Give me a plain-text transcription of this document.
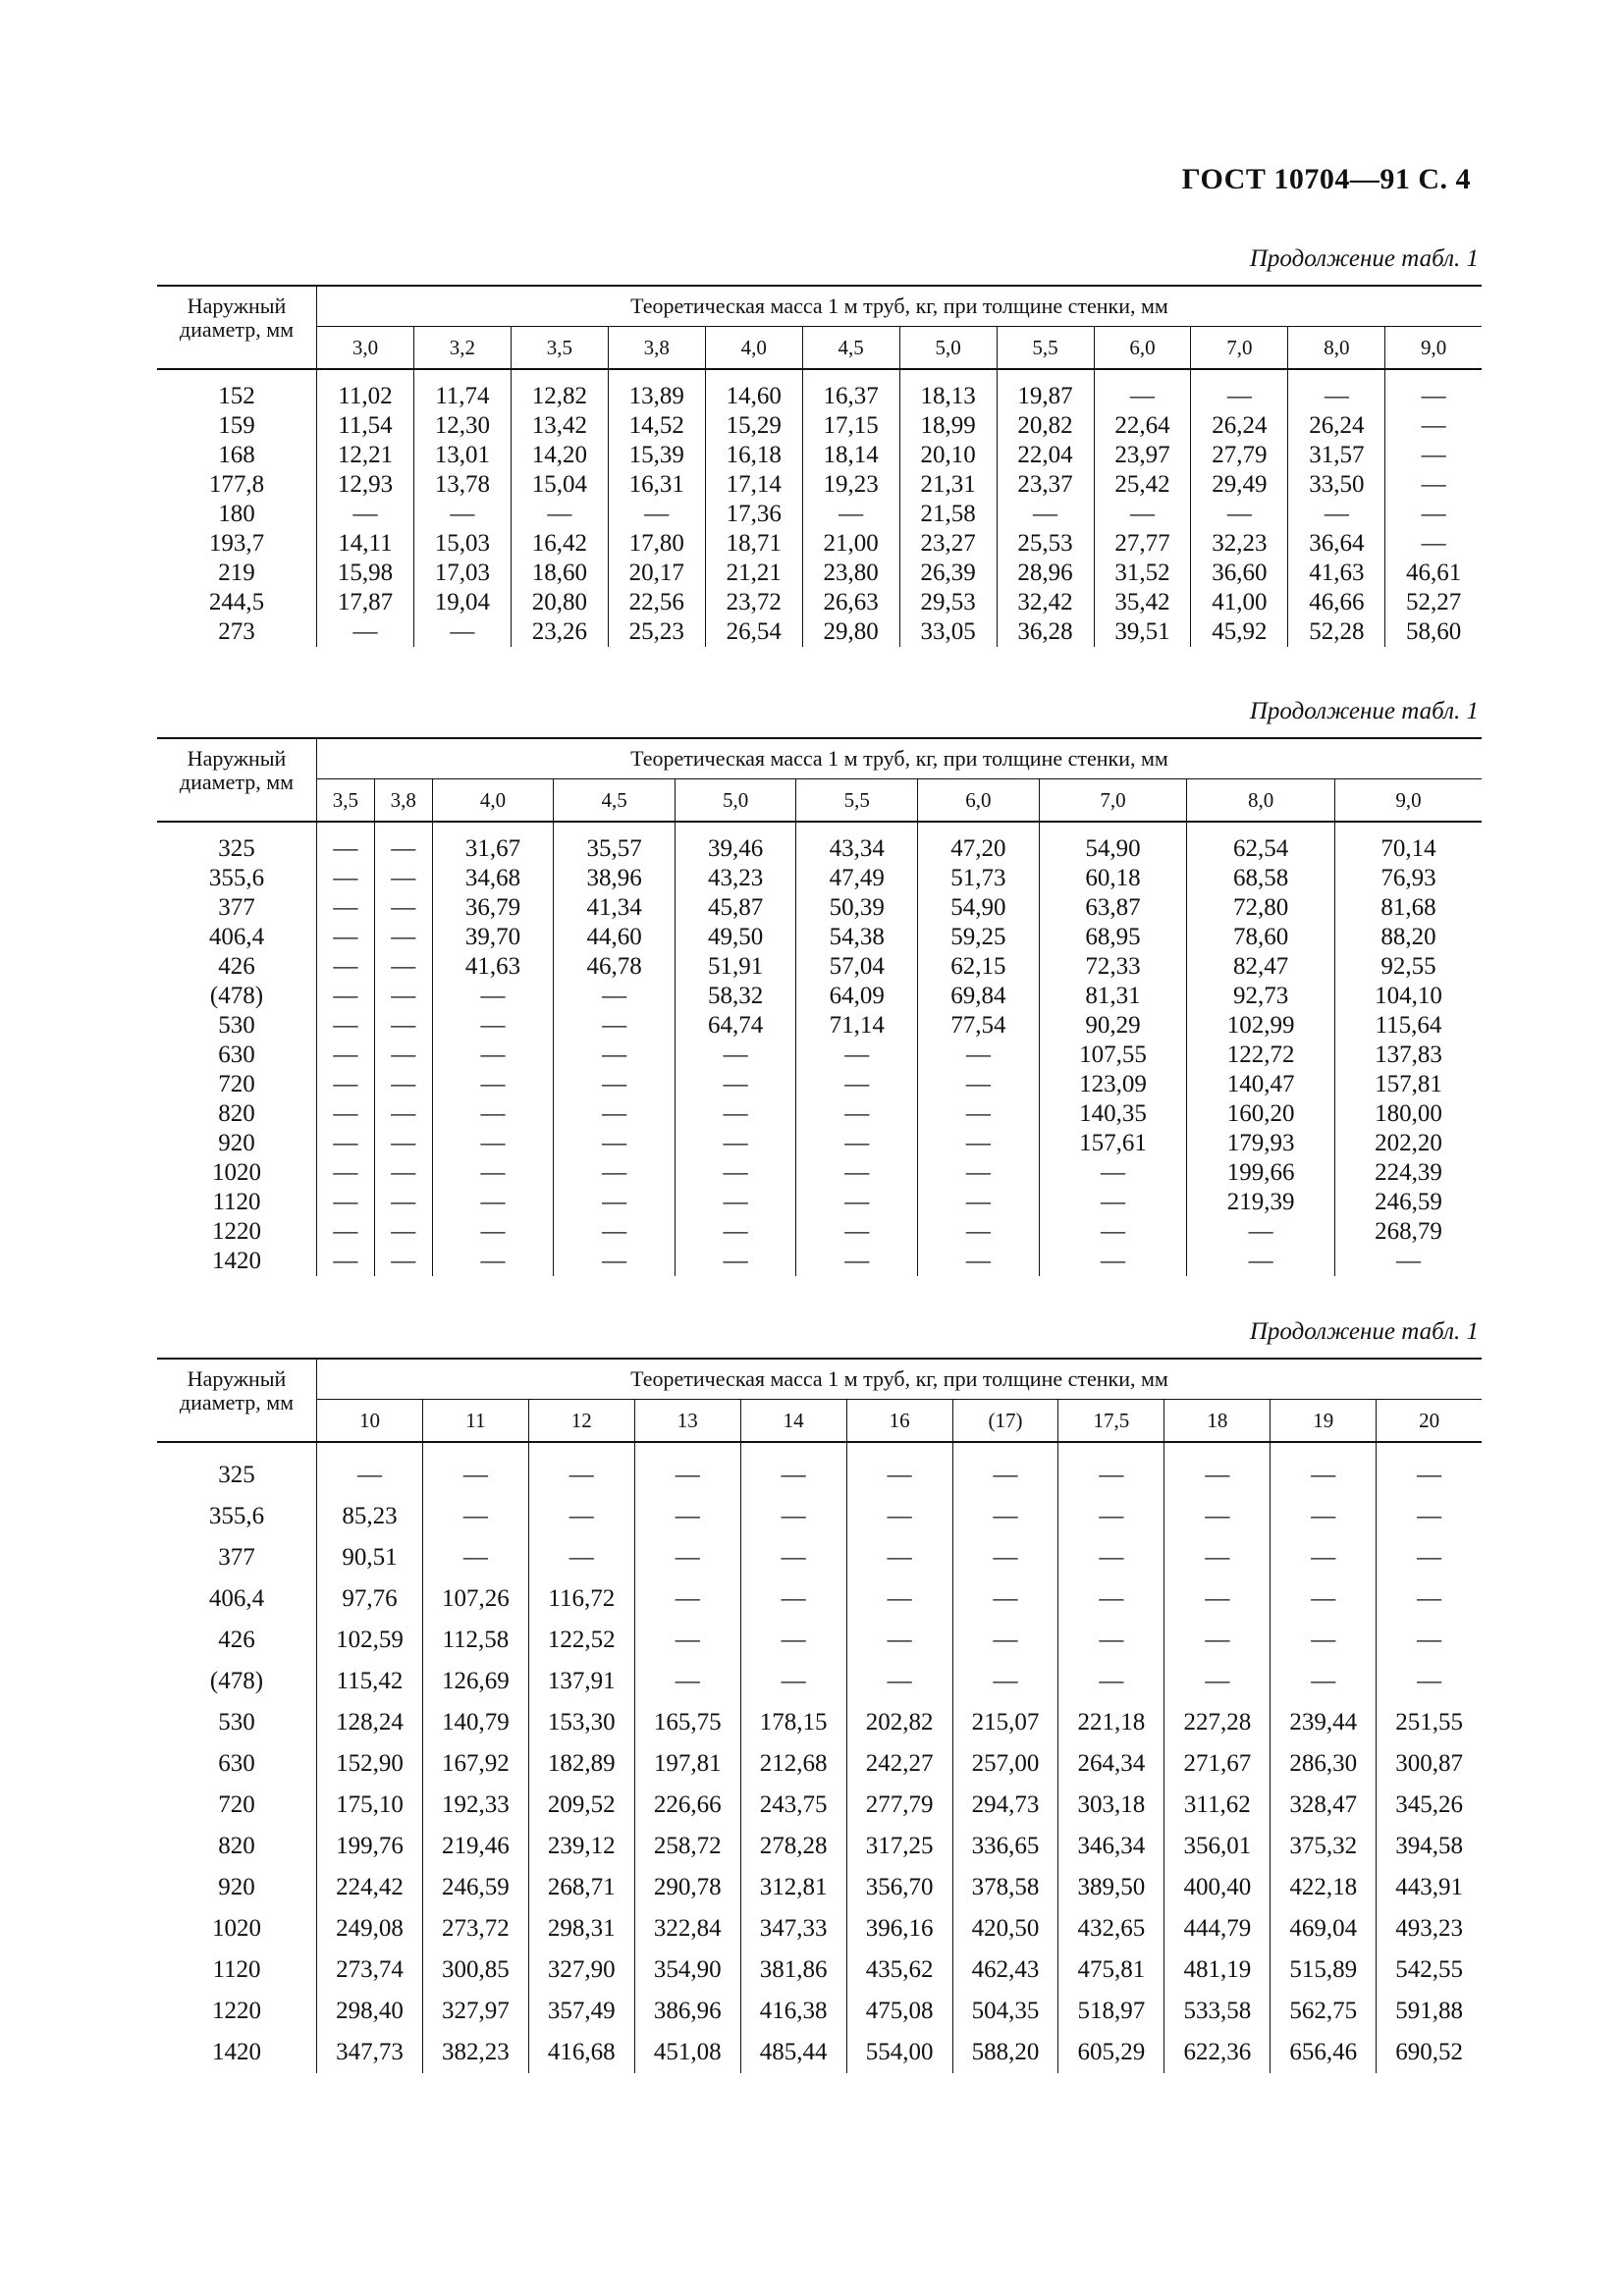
ГОСТ 10704—91 С. 4
Продолжение табл. 1
Наружный диаметр, мм	Теоретическая масса 1 м труб, кг, при толщине стенки, мм											
	3,0	3,2	3,5	3,8	4,0	4,5	5,0	5,5	6,0	7,0	8,0	9,0

152	11,02	11,74	12,82	13,89	14,60	16,37	18,13	19,87	—	—	—	—
159	11,54	12,30	13,42	14,52	15,29	17,15	18,99	20,82	22,64	26,24	26,24	—
168	12,21	13,01	14,20	15,39	16,18	18,14	20,10	22,04	23,97	27,79	31,57	—
177,8	12,93	13,78	15,04	16,31	17,14	19,23	21,31	23,37	25,42	29,49	33,50	—
180	—	—	—	—	17,36	—	21,58	—	—	—	—	—
193,7	14,11	15,03	16,42	17,80	18,71	21,00	23,27	25,53	27,77	32,23	36,64	—
219	15,98	17,03	18,60	20,17	21,21	23,80	26,39	28,96	31,52	36,60	41,63	46,61
244,5	17,87	19,04	20,80	22,56	23,72	26,63	29,53	32,42	35,42	41,00	46,66	52,27
273	—	—	23,26	25,23	26,54	29,80	33,05	36,28	39,51	45,92	52,28	58,60
Продолжение табл. 1
Наружный диаметр, мм	Теоретическая масса 1 м труб, кг, при толщине стенки, мм									
	3,5	3,8	4,0	4,5	5,0	5,5	6,0	7,0	8,0	9,0

325	—	—	31,67	35,57	39,46	43,34	47,20	54,90	62,54	70,14
355,6	—	—	34,68	38,96	43,23	47,49	51,73	60,18	68,58	76,93
377	—	—	36,79	41,34	45,87	50,39	54,90	63,87	72,80	81,68
406,4	—	—	39,70	44,60	49,50	54,38	59,25	68,95	78,60	88,20
426	—	—	41,63	46,78	51,91	57,04	62,15	72,33	82,47	92,55
(478)	—	—	—	—	58,32	64,09	69,84	81,31	92,73	104,10
530	—	—	—	—	64,74	71,14	77,54	90,29	102,99	115,64
630	—	—	—	—	—	—	—	107,55	122,72	137,83
720	—	—	—	—	—	—	—	123,09	140,47	157,81
820	—	—	—	—	—	—	—	140,35	160,20	180,00
920	—	—	—	—	—	—	—	157,61	179,93	202,20
1020	—	—	—	—	—	—	—	—	199,66	224,39
1120	—	—	—	—	—	—	—	—	219,39	246,59
1220	—	—	—	—	—	—	—	—	—	268,79
1420	—	—	—	—	—	—	—	—	—	—
Продолжение табл. 1
Наружный диаметр, мм	Теоретическая масса 1 м труб, кг, при толщине стенки, мм										
	10	11	12	13	14	16	(17)	17,5	18	19	20

325	—	—	—	—	—	—	—	—	—	—	—
355,6	85,23	—	—	—	—	—	—	—	—	—	—
377	90,51	—	—	—	—	—	—	—	—	—	—
406,4	97,76	107,26	116,72	—	—	—	—	—	—	—	—
426	102,59	112,58	122,52	—	—	—	—	—	—	—	—
(478)	115,42	126,69	137,91	—	—	—	—	—	—	—	—
530	128,24	140,79	153,30	165,75	178,15	202,82	215,07	221,18	227,28	239,44	251,55
630	152,90	167,92	182,89	197,81	212,68	242,27	257,00	264,34	271,67	286,30	300,87
720	175,10	192,33	209,52	226,66	243,75	277,79	294,73	303,18	311,62	328,47	345,26
820	199,76	219,46	239,12	258,72	278,28	317,25	336,65	346,34	356,01	375,32	394,58
920	224,42	246,59	268,71	290,78	312,81	356,70	378,58	389,50	400,40	422,18	443,91
1020	249,08	273,72	298,31	322,84	347,33	396,16	420,50	432,65	444,79	469,04	493,23
1120	273,74	300,85	327,90	354,90	381,86	435,62	462,43	475,81	481,19	515,89	542,55
1220	298,40	327,97	357,49	386,96	416,38	475,08	504,35	518,97	533,58	562,75	591,88
1420	347,73	382,23	416,68	451,08	485,44	554,00	588,20	605,29	622,36	656,46	690,52
